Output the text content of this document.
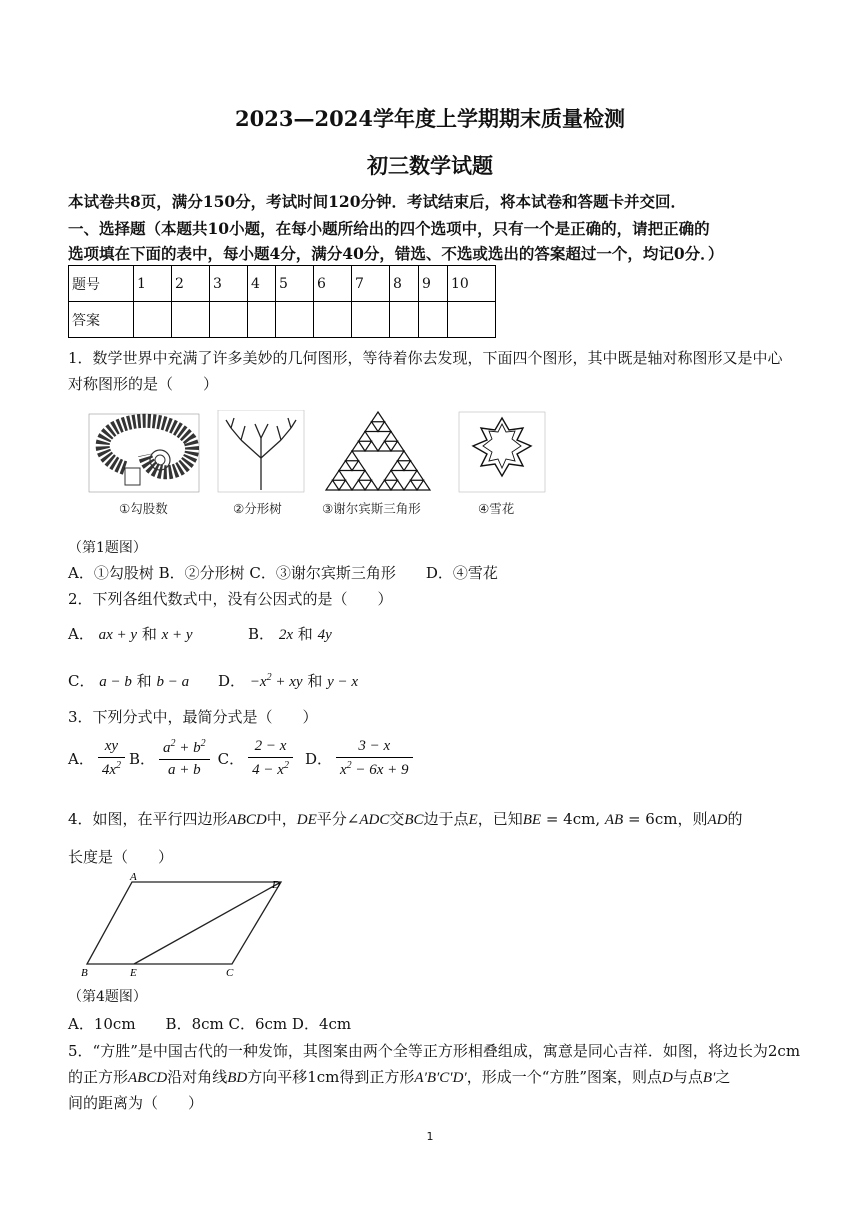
2023—2024学年度上学期期末质量检测
初三数学试题
本试卷共8页，满分150分，考试时间120分钟．考试结束后，将本试卷和答题卡并交回．
一、选择题（本题共10小题，在每小题所给出的四个选项中，只有一个是正确的，请把正确的
选项填在下面的表中，每小题4分，满分40分，错选、不选或选出的答案超过一个，均记0分．）
题号	1	2	3	4	5	6	7	8	9	10
答案										
1．数学世界中充满了许多美妙的几何图形，等待着你去发现，下面四个图形，其中既是轴对称图形又是中心
对称图形的是（　　）
①勾股数	②分形树	③谢尔宾斯三角形	④雪花
（第1题图）
A．①勾股树 B．②分形树 C．③谢尔宾斯三角形　　D．④雪花
2．下列各组代数式中，没有公因式的是（　　）
A． ax + y 和 x + y	B． 2x 和 4y
C． a − b 和 b − a D． $-x^2$ + xy 和 y − x
3．下列分式中，最简分式是（　　）
A． $\frac{xy}{4x^2}$ B． $\frac{a^2 + b^2}{a + b}$ C． $\frac{2 - x}{4 - x^2}$ D． $\frac{3 - x}{x^2 - 6x + 9}$
4．如图，在平行四边形ABCD中，DE平分∠ADC交BC边于点E，已知BE = 4cm, AB = 6cm，则AD的
长度是（　　）
A
D
B	E	C
（第4题图）
A．10cm　　B．8cm C．6cm D．4cm
5．“方胜”是中国古代的一种发饰，其图案由两个全等正方形相叠组成，寓意是同心吉祥．如图，将边长为2cm
的正方形ABCD沿对角线BD方向平移1cm得到正方形A′B′C′D′，形成一个“方胜”图案，则点D与点B′之
间的距离为（　　）
1
